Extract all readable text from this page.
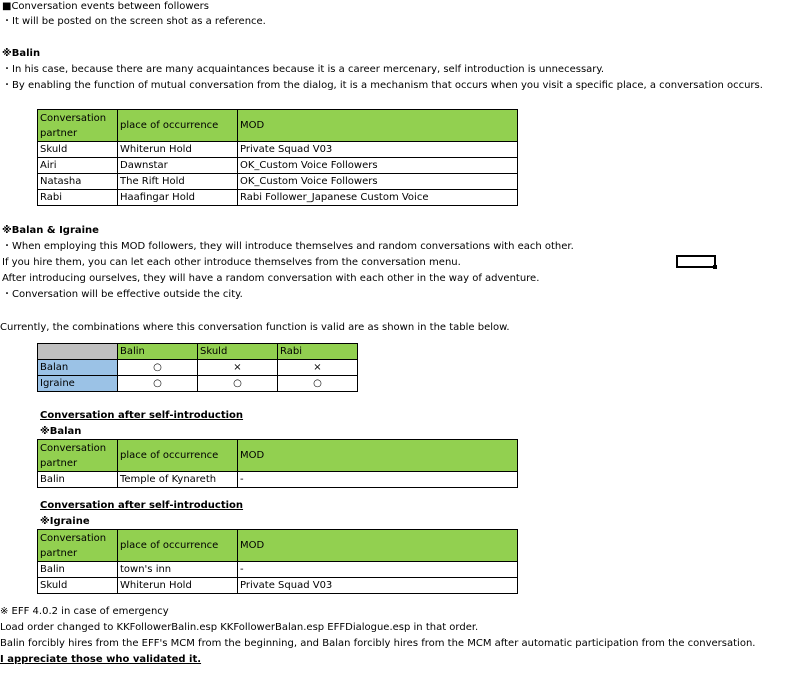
■Conversation events between followers
・It will be posted on the screen shot as a reference.
※Balin
・In his case, because there are many acquaintances because it is a career mercenary, self introduction is unnecessary.
・By enabling the function of mutual conversation from the dialog, it is a mechanism that occurs when you visit a specific place, a conversation occurs.
Conversation partner	place of occurrence	MOD
Skuld	Whiterun Hold	Private Squad V03
Airi	Dawnstar	OK_Custom Voice Followers
Natasha	The Rift Hold	OK_Custom Voice Followers
Rabi	Haafingar Hold	Rabi Follower_Japanese Custom Voice
※Balan & Igraine
・When employing this MOD followers, they will introduce themselves and random conversations with each other.
If you hire them, you can let each other introduce themselves from the conversation menu.
After introducing ourselves, they will have a random conversation with each other in the way of adventure.
・Conversation will be effective outside the city.
Currently, the combinations where this conversation function is valid are as shown in the table below.
	Balin	Skuld	Rabi
Balan	○	×	×
Igraine	○	○	○
Conversation after self-introduction
※Balan
Conversation partner	place of occurrence	MOD
Balin	Temple of Kynareth	-
Conversation after self-introduction
※Igraine
Conversation partner	place of occurrence	MOD
Balin	town's inn	-
Skuld	Whiterun Hold	Private Squad V03
※ EFF 4.0.2 in case of emergency
Load order changed to KKFollowerBalin.esp KKFollowerBalan.esp EFFDialogue.esp in that order.
Balin forcibly hires from the EFF's MCM from the beginning, and Balan forcibly hires from the MCM after automatic participation from the conversation.
I appreciate those who validated it.
